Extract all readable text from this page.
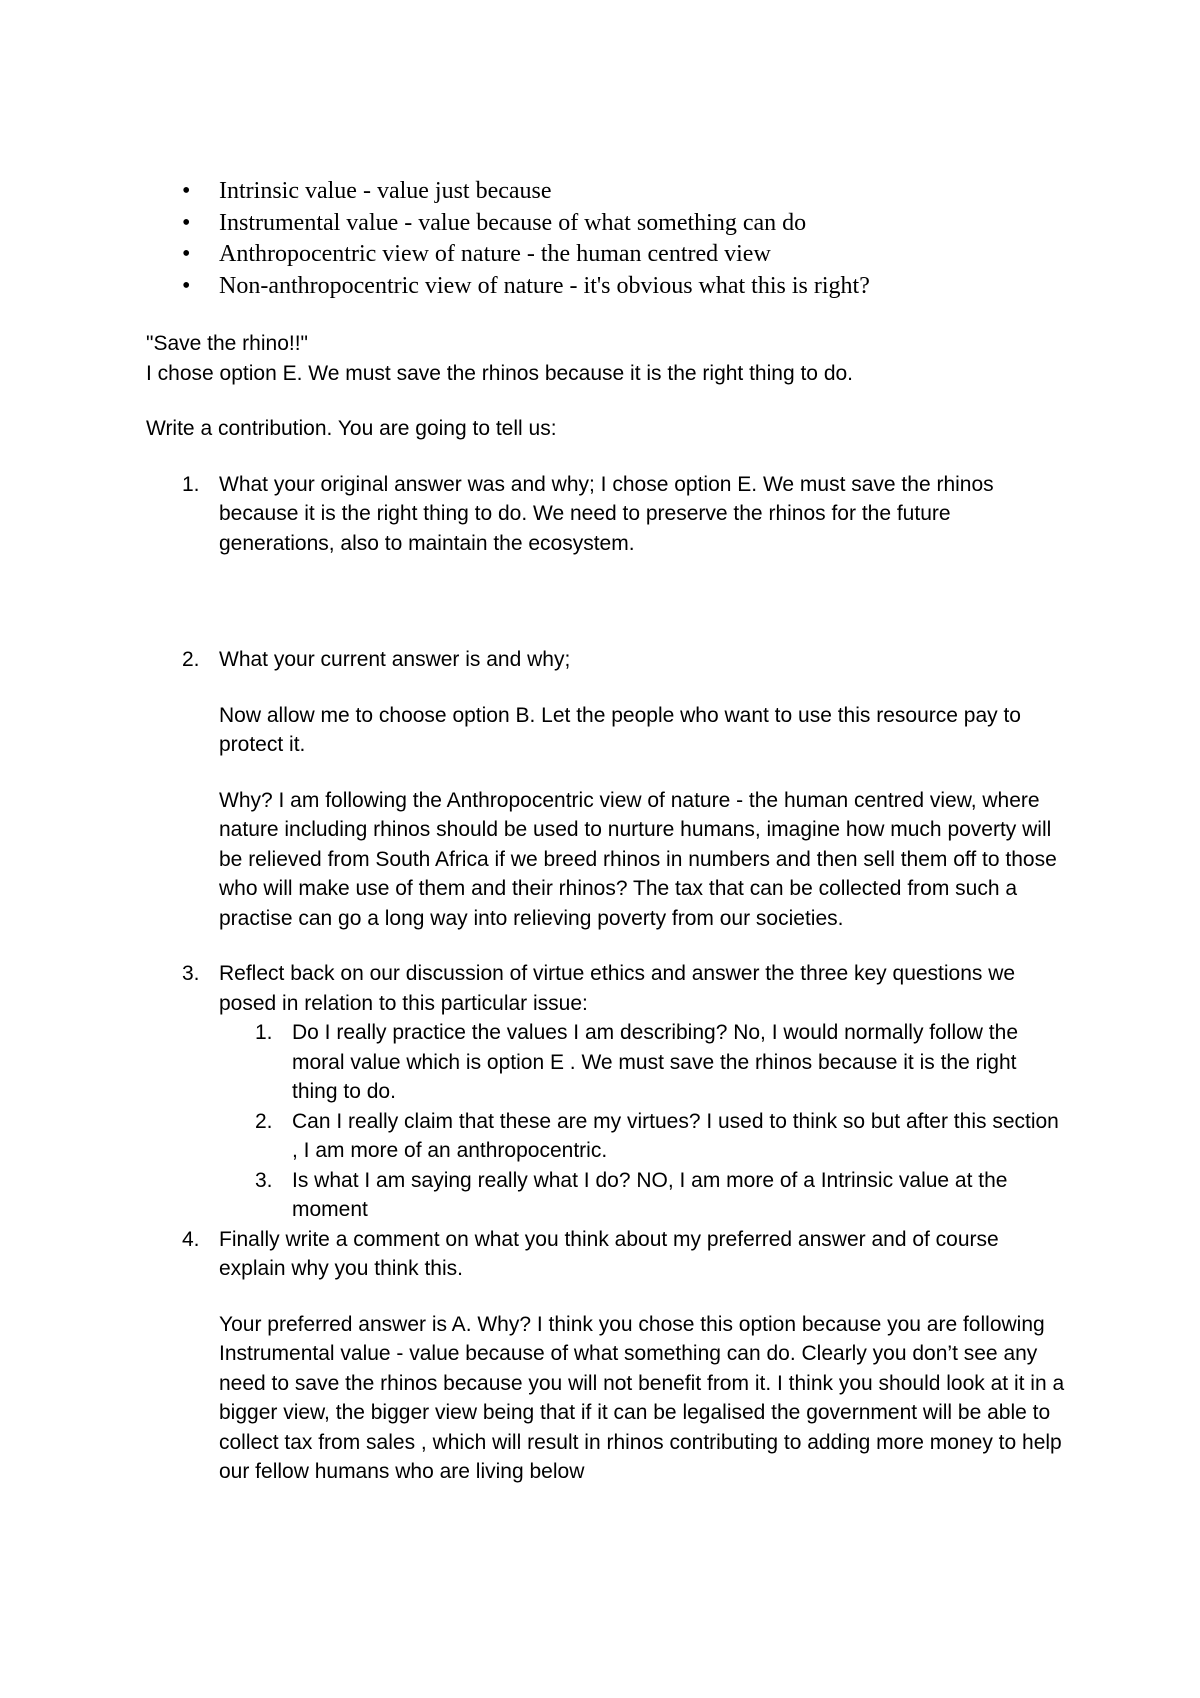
• Intrinsic value - value just because
• Instrumental value - value because of what something can do
• Anthropocentric view of nature - the human centred view
• Non-anthropocentric view of nature - it's obvious what this is right?

"Save the rhino!!"

I chose option E. We must save the rhinos because it is the right thing to do.

Write a contribution. You are going to tell us:

1. What your original answer was and why; I chose option E. We must save the rhinos because it is the right thing to do. We need to preserve the rhinos for the future generations, also to maintain the ecosystem.

2. What your current answer is and why;

Now allow me to choose option B. Let the people who want to use this resource pay to protect it.

Why? I am following the Anthropocentric view of nature - the human centred view, where nature including rhinos should be used to nurture humans, imagine how much poverty will be relieved from South Africa if we breed rhinos in numbers and then sell them off to those who will make use of them and their rhinos? The tax that can be collected from such a practise can go a long way into relieving poverty from our societies.

3. Reflect back on our discussion of virtue ethics and answer the three key questions we posed in relation to this particular issue:

1. Do I really practice the values I am describing? No, I would normally follow the moral value which is option E . We must save the rhinos because it is the right thing to do.
2. Can I really claim that these are my virtues? I used to think so but after this section , I am more of an anthropocentric.
3. Is what I am saying really what I do? NO, I am more of a Intrinsic value at the moment
4. Finally write a comment on what you think about my preferred answer and of course explain why you think this.

Your preferred answer is A. Why? I think you chose this option because you are following Instrumental value - value because of what something can do. Clearly you don’t see any need to save the rhinos because you will not benefit from it. I think you should look at it in a bigger view, the bigger view being that if it can be legalised the government will be able to collect tax from sales , which will result in rhinos contributing to adding more money to help our fellow humans who are living below
